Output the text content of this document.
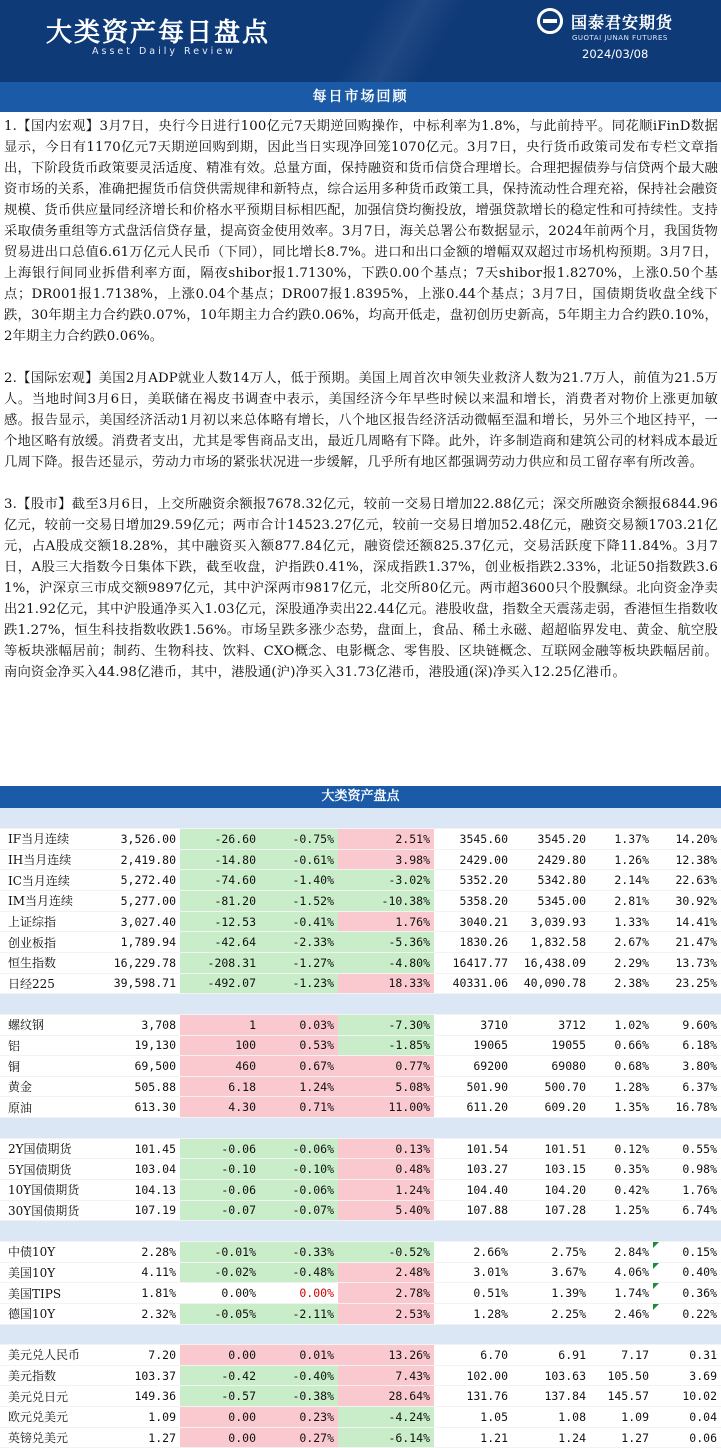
大类资产每日盘点
Asset Daily Review
国泰君安期货
GUOTAI JUNAN FUTURES
2024/03/08
每日市场回顾

1.【国内宏观】3月7日，央行今日进行100亿元7天期逆回购操作，中标利率为1.8%，与此前持平。同花顺iFinD数据显示，今日有1170亿元7天期逆回购到期，因此当日实现净回笼1070亿元。3月7日，央行货币政策司发布专栏文章指出，下阶段货币政策要灵活适度、精准有效。总量方面，保持融资和货币信贷合理增长。合理把握债券与信贷两个最大融资市场的关系，准确把握货币信贷供需规律和新特点，综合运用多种货币政策工具，保持流动性合理充裕，保持社会融资规模、货币供应量同经济增长和价格水平预期目标相匹配，加强信贷均衡投放，增强贷款增长的稳定性和可持续性。支持采取债务重组等方式盘活信贷存量，提高资金使用效率。3月7日，海关总署公布数据显示，2024年前两个月，我国货物贸易进出口总值6.61万亿元人民币（下同），同比增长8.7%。进口和出口金额的增幅双双超过市场机构预期。3月7日，上海银行间同业拆借利率方面，隔夜shibor报1.7130%，下跌0.00个基点；7天shibor报1.8270%，上涨0.50个基点；DR001报1.7138%，上涨0.04个基点；DR007报1.8395%，上涨0.44个基点；3月7日，国债期货收盘全线下跌，30年期主力合约跌0.07%，10年期主力合约跌0.06%，均高开低走，盘初创历史新高，5年期主力合约跌0.10%，2年期主力合约跌0.06%。

2.【国际宏观】美国2月ADP就业人数14万人，低于预期。美国上周首次申领失业救济人数为21.7万人，前值为21.5万人。当地时间3月6日，美联储在褐皮书调查中表示，美国经济今年早些时候以来温和增长，消费者对物价上涨更加敏感。报告显示，美国经济活动1月初以来总体略有增长，八个地区报告经济活动微幅至温和增长，另外三个地区持平，一个地区略有放缓。消费者支出，尤其是零售商品支出，最近几周略有下降。此外，许多制造商和建筑公司的材料成本最近几周下降。报告还显示，劳动力市场的紧张状况进一步缓解，几乎所有地区都强调劳动力供应和员工留存率有所改善。

3.【股市】截至3月6日，上交所融资余额报7678.32亿元，较前一交易日增加22.88亿元；深交所融资余额报6844.96亿元，较前一交易日增加29.59亿元；两市合计14523.27亿元，较前一交易日增加52.48亿元，融资交易额1703.21亿元，占A股成交额18.28%，其中融资买入额877.84亿元，融资偿还额825.37亿元，交易活跃度下降11.84%。3月7日，A股三大指数今日集体下跌，截至收盘，沪指跌0.41%，深成指跌1.37%，创业板指跌2.33%，北证50指数跌3.61%，沪深京三市成交额9897亿元，其中沪深两市9817亿元，北交所80亿元。两市超3600只个股飘绿。北向资金净卖出21.92亿元，其中沪股通净买入1.03亿元，深股通净卖出22.44亿元。港股收盘，指数全天震荡走弱，香港恒生指数收跌1.27%，恒生科技指数收跌1.56%。市场呈跌多涨少态势，盘面上，食品、稀土永磁、超超临界发电、黄金、航空股等板块涨幅居前；制药、生物科技、饮料、CXO概念、电影概念、零售股、区块链概念、互联网金融等板块跌幅居前。南向资金净买入44.98亿港币，其中，港股通(沪)净买入31.73亿港币，港股通(深)净买入12.25亿港币。

大类资产盘点

IF当月连续	3,526.00	-26.60	-0.75%	2.51%	3545.60	3545.20	1.37%	14.20%
IH当月连续	2,419.80	-14.80	-0.61%	3.98%	2429.00	2429.80	1.26%	12.38%
IC当月连续	5,272.40	-74.60	-1.40%	-3.02%	5352.20	5342.80	2.14%	22.63%
IM当月连续	5,277.00	-81.20	-1.52%	-10.38%	5358.20	5345.00	2.81%	30.92%
上证综指	3,027.40	-12.53	-0.41%	1.76%	3040.21	3,039.93	1.33%	14.41%
创业板指	1,789.94	-42.64	-2.33%	-5.36%	1830.26	1,832.58	2.67%	21.47%
恒生指数	16,229.78	-208.31	-1.27%	-4.80%	16417.77	16,438.09	2.29%	13.73%
日经225	39,598.71	-492.07	-1.23%	18.33%	40331.06	40,090.78	2.38%	23.25%

螺纹钢	3,708	1	0.03%	-7.30%	3710	3712	1.02%	9.60%
铝	19,130	100	0.53%	-1.85%	19065	19055	0.66%	6.18%
铜	69,500	460	0.67%	0.77%	69200	69080	0.68%	3.80%
黄金	505.88	6.18	1.24%	5.08%	501.90	500.70	1.28%	6.37%
原油	613.30	4.30	0.71%	11.00%	611.20	609.20	1.35%	16.78%

2Y国债期货	101.45	-0.06	-0.06%	0.13%	101.54	101.51	0.12%	0.55%
5Y国债期货	103.04	-0.10	-0.10%	0.48%	103.27	103.15	0.35%	0.98%
10Y国债期货	104.13	-0.06	-0.06%	1.24%	104.40	104.20	0.42%	1.76%
30Y国债期货	107.19	-0.07	-0.07%	5.40%	107.88	107.28	1.25%	6.74%

中债10Y	2.28%	-0.01%	-0.33%	-0.52%	2.66%	2.75%	2.84%	0.15%
美国10Y	4.11%	-0.02%	-0.48%	2.48%	3.01%	3.67%	4.06%	0.40%
美国TIPS	1.81%	0.00%	0.00%	2.78%	0.51%	1.39%	1.74%	0.36%
德国10Y	2.32%	-0.05%	-2.11%	2.53%	1.28%	2.25%	2.46%	0.22%

美元兑人民币	7.20	0.00	0.01%	13.26%	6.70	6.91	7.17	0.31
美元指数	103.37	-0.42	-0.40%	7.43%	102.00	103.63	105.50	3.69
美元兑日元	149.36	-0.57	-0.38%	28.64%	131.76	137.84	145.57	10.02
欧元兑美元	1.09	0.00	0.23%	-4.24%	1.05	1.08	1.09	0.04
英镑兑美元	1.27	0.00	0.27%	-6.14%	1.21	1.24	1.27	0.06
